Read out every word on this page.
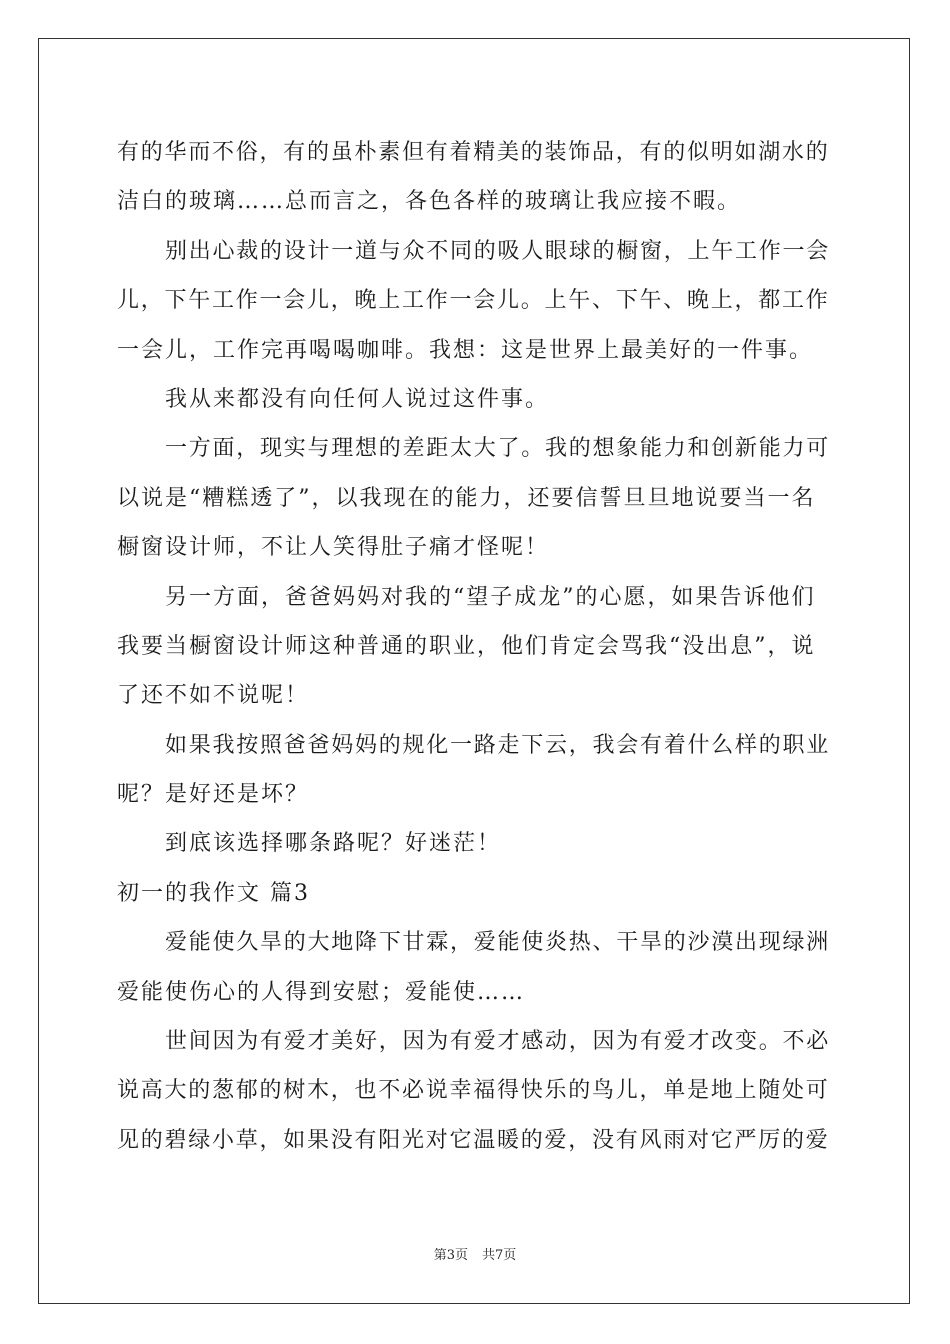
有的华而不俗，有的虽朴素但有着精美的装饰品，有的似明如湖水的
洁白的玻璃……总而言之，各色各样的玻璃让我应接不暇。
别出心裁的设计一道与众不同的吸人眼球的橱窗，上午工作一会
儿，下午工作一会儿，晚上工作一会儿。上午、下午、晚上，都工作
一会儿，工作完再喝喝咖啡。我想：这是世界上最美好的一件事。
我从来都没有向任何人说过这件事。
一方面，现实与理想的差距太大了。我的想象能力和创新能力可
以说是“糟糕透了”，以我现在的能力，还要信誓旦旦地说要当一名
橱窗设计师，不让人笑得肚子痛才怪呢！
另一方面，爸爸妈妈对我的“望子成龙”的心愿，如果告诉他们
我要当橱窗设计师这种普通的职业，他们肯定会骂我“没出息”，说
了还不如不说呢！
如果我按照爸爸妈妈的规化一路走下云，我会有着什么样的职业
呢？是好还是坏？
到底该选择哪条路呢？好迷茫！
初一的我作文 篇3
爱能使久旱的大地降下甘霖，爱能使炎热、干旱的沙漠出现绿洲
爱能使伤心的人得到安慰；爱能使……
世间因为有爱才美好，因为有爱才感动，因为有爱才改变。不必
说高大的葱郁的树木，也不必说幸福得快乐的鸟儿，单是地上随处可
见的碧绿小草，如果没有阳光对它温暖的爱，没有风雨对它严厉的爱
第3页 共7页
